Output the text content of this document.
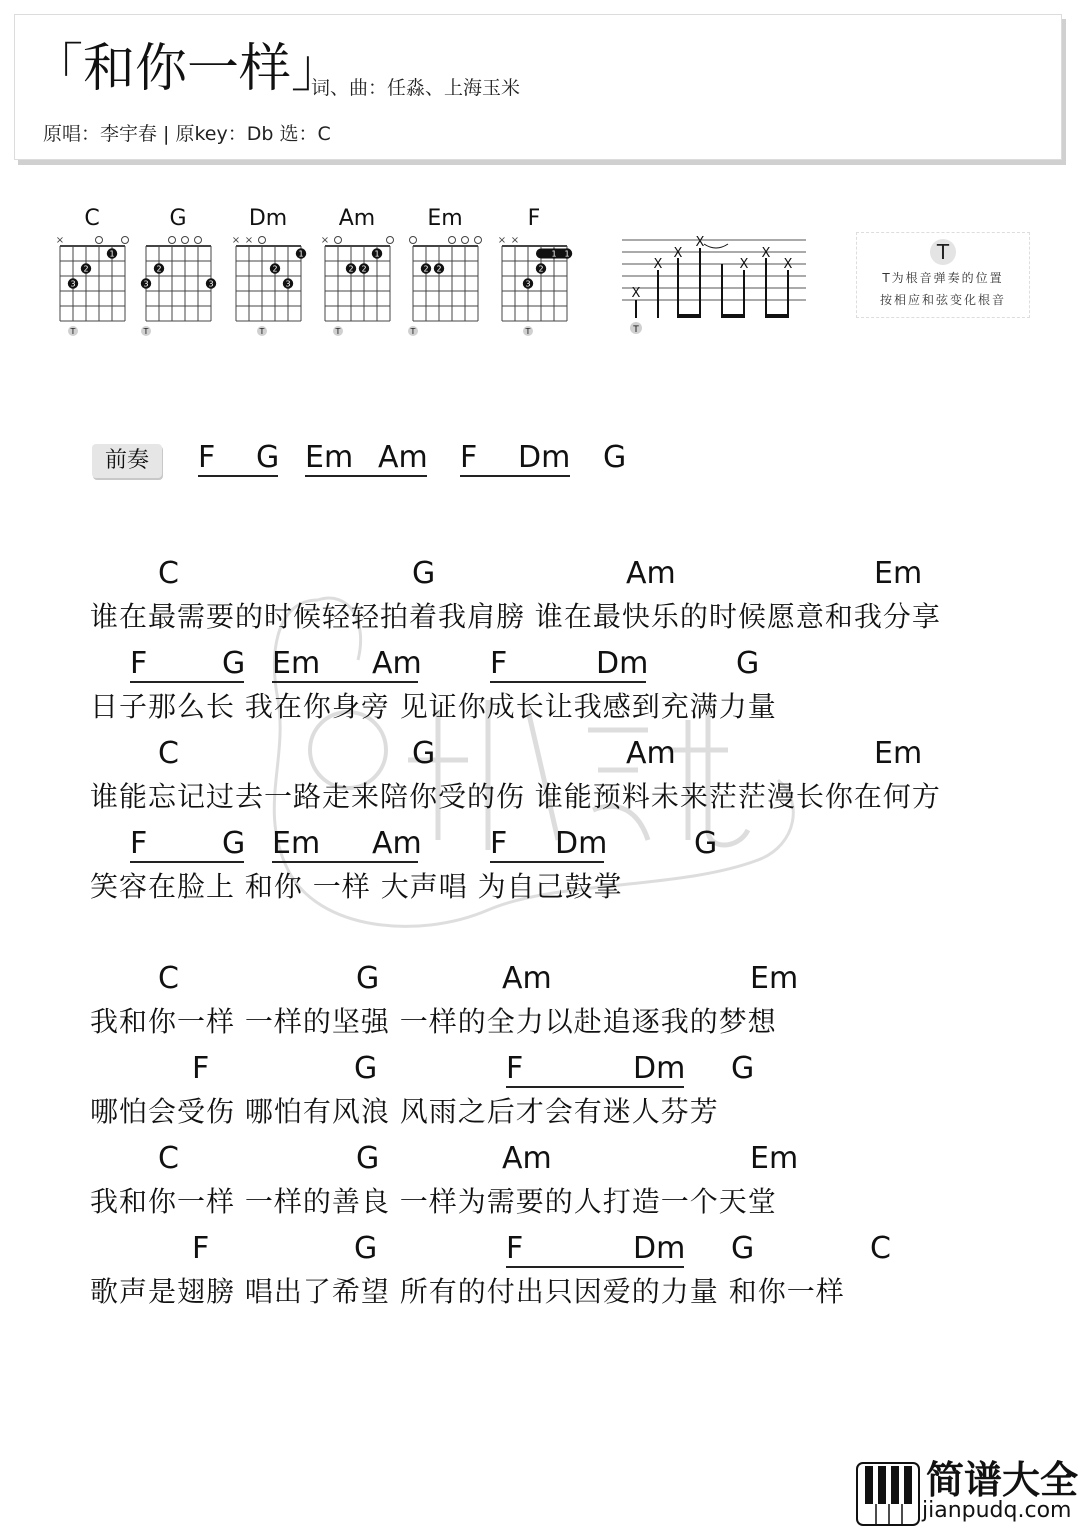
「和你一样」
词、曲：任淼、上海玉米
原唱：李宇春 | 原key：Db 选：C
C
×
3
2
1
T
G
3
2
3
T
Dm
× ×
2
3
1
T
Am
×
2 2
1
T
Em
2 2
T
F
× ×
3
2
1 1
T
X
X
X
X
X
X
X
T
T
T为根音弹奏的位置
按相应和弦变化根音
前奏	F G Em Am F Dm G
C	G	Am	Em
谁在最需要的时候轻轻拍着我肩膀 谁在最快乐的时候愿意和我分享
F G Em Am F	Dm	G
日子那么长 我在你身旁 见证你成长让我感到充满力量
C	G	Am	Em
谁能忘记过去一路走来陪你受的伤 谁能预料未来茫茫漫长你在何方
F G Em Am F Dm	G
笑容在脸上 和你 一样 大声唱 为自己鼓掌
C	G	Am	Em
我和你一样 一样的坚强 一样的全力以赴追逐我的梦想
F	G	F	Dm G
哪怕会受伤 哪怕有风浪 风雨之后才会有迷人芬芳
C	G	Am	Em
我和你一样 一样的善良 一样为需要的人打造一个天堂
F	G	F	Dm G	C
歌声是翅膀 唱出了希望 所有的付出只因爱的力量 和你一样
简谱大全
jianpudq.com
